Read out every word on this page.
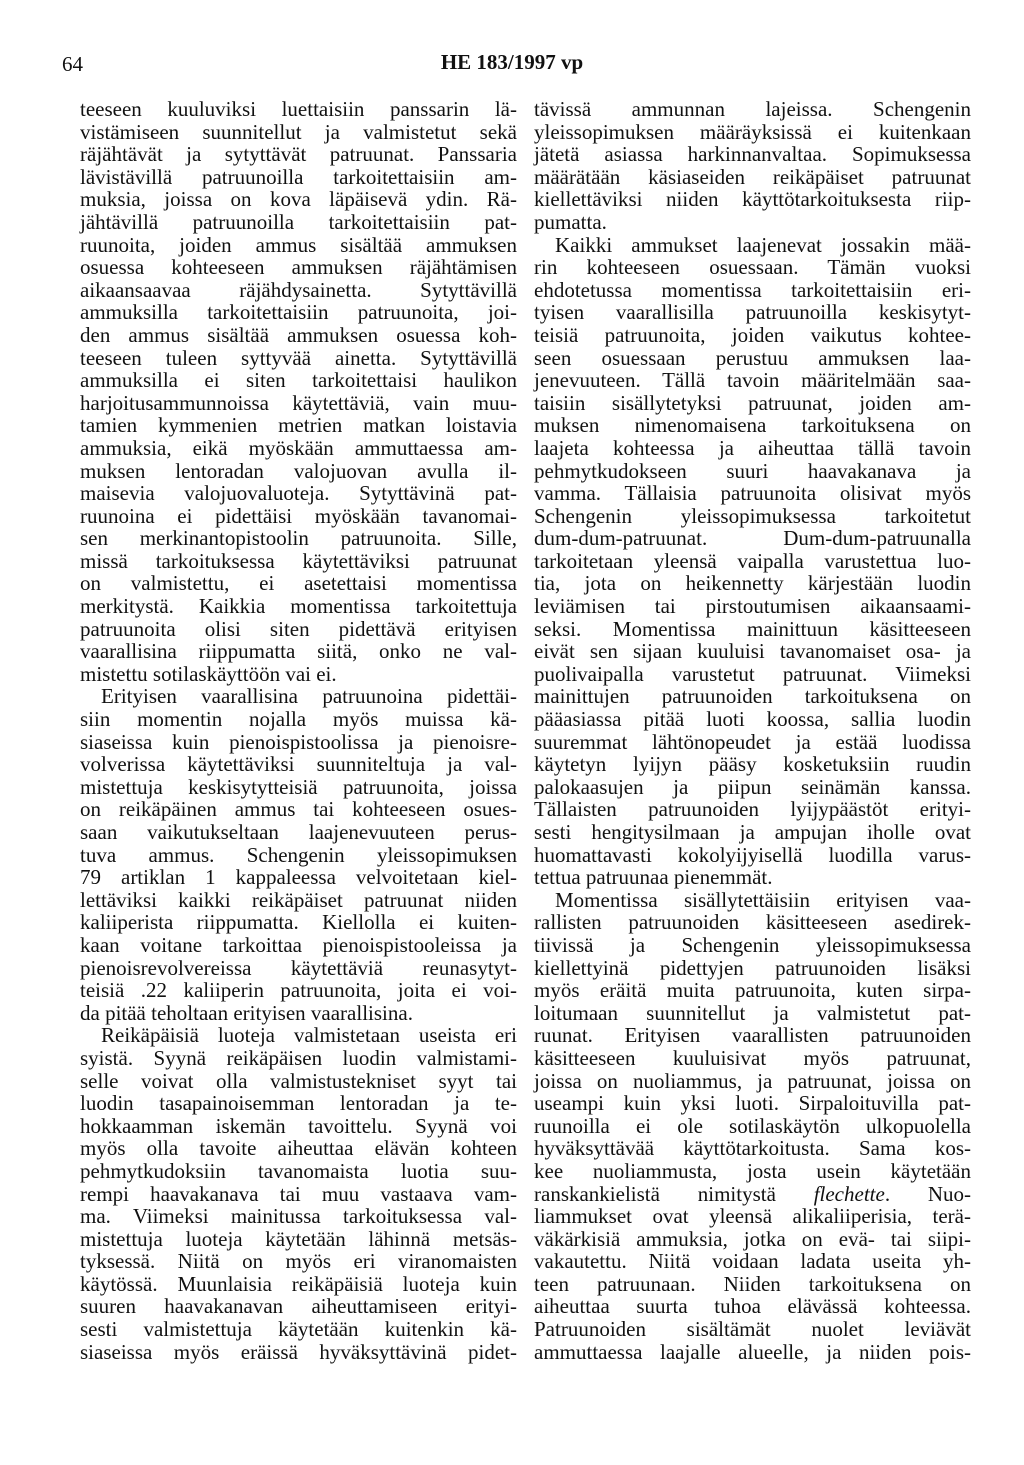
64	HE 183/1997 vp
teeseen kuuluviksi luettaisiin panssarin lä-
vistämiseen suunnitellut ja valmistetut sekä
räjähtävät ja sytyttävät patruunat. Panssaria
lävistävillä patruunoilla tarkoitettaisiin am-
muksia, joissa on kova läpäisevä ydin. Rä-
jähtävillä patruunoilla tarkoitettaisiin pat-
ruunoita, joiden ammus sisältää ammuksen
osuessa kohteeseen ammuksen räjähtämisen
aikaansaavaa räjähdysainetta. Sytyttävillä
ammuksilla tarkoitettaisiin patruunoita, joi-
den ammus sisältää ammuksen osuessa koh-
teeseen tuleen syttyvää ainetta. Sytyttävillä
ammuksilla ei siten tarkoitettaisi haulikon
harjoitusammunnoissa käytettäviä, vain muu-
tamien kymmenien metrien matkan loistavia
ammuksia, eikä myöskään ammuttaessa am-
muksen lentoradan valojuovan avulla il-
maisevia valojuovaluoteja. Sytyttävinä pat-
ruunoina ei pidettäisi myöskään tavanomai-
sen merkinantopistoolin patruunoita. Sille,
missä tarkoituksessa käytettäviksi patruunat
on valmistettu, ei asetettaisi momentissa
merkitystä. Kaikkia momentissa tarkoitettuja
patruunoita olisi siten pidettävä erityisen
vaarallisina riippumatta siitä, onko ne val-
mistettu sotilaskäyttöön vai ei.
Erityisen vaarallisina patruunoina pidettäi-
siin momentin nojalla myös muissa kä-
siaseissa kuin pienoispistoolissa ja pienoisre-
volverissa käytettäviksi suunniteltuja ja val-
mistettuja keskisytytteisiä patruunoita, joissa
on reikäpäinen ammus tai kohteeseen osues-
saan vaikutukseltaan laajenevuuteen perus-
tuva ammus. Schengenin yleissopimuksen
79 artiklan 1 kappaleessa velvoitetaan kiel-
lettäviksi kaikki reikäpäiset patruunat niiden
kaliiperista riippumatta. Kiellolla ei kuiten-
kaan voitane tarkoittaa pienoispistooleissa ja
pienoisrevolvereissa käytettäviä reunasytyt-
teisiä .22 kaliiperin patruunoita, joita ei voi-
da pitää teholtaan erityisen vaarallisina.
Reikäpäisiä luoteja valmistetaan useista eri
syistä. Syynä reikäpäisen luodin valmistami-
selle voivat olla valmistustekniset syyt tai
luodin tasapainoisemman lentoradan ja te-
hokkaamman iskemän tavoittelu. Syynä voi
myös olla tavoite aiheuttaa elävän kohteen
pehmytkudoksiin tavanomaista luotia suu-
rempi haavakanava tai muu vastaava vam-
ma. Viimeksi mainitussa tarkoituksessa val-
mistettuja luoteja käytetään lähinnä metsäs-
tyksessä. Niitä on myös eri viranomaisten
käytössä. Muunlaisia reikäpäisiä luoteja kuin
suuren haavakanavan aiheuttamiseen erityi-
sesti valmistettuja käytetään kuitenkin kä-
siaseissa myös eräissä hyväksyttävinä pidet-
tävissä ammunnan lajeissa. Schengenin
yleissopimuksen määräyksissä ei kuitenkaan
jätetä asiassa harkinnanvaltaa. Sopimuksessa
määrätään käsiaseiden reikäpäiset patruunat
kiellettäviksi niiden käyttötarkoituksesta riip-
pumatta.
Kaikki ammukset laajenevat jossakin mää-
rin kohteeseen osuessaan. Tämän vuoksi
ehdotetussa momentissa tarkoitettaisiin eri-
tyisen vaarallisilla patruunoilla keskisytyt-
teisiä patruunoita, joiden vaikutus kohtee-
seen osuessaan perustuu ammuksen laa-
jenevuuteen. Tällä tavoin määritelmään saa-
taisiin sisällytetyksi patruunat, joiden am-
muksen nimenomaisena tarkoituksena on
laajeta kohteessa ja aiheuttaa tällä tavoin
pehmytkudokseen suuri haavakanava ja
vamma. Tällaisia patruunoita olisivat myös
Schengenin yleissopimuksessa tarkoitetut
dum-dum-patruunat. Dum-dum-patruunalla
tarkoitetaan yleensä vaipalla varustettua luo-
tia, jota on heikennetty kärjestään luodin
leviämisen tai pirstoutumisen aikaansaami-
seksi. Momentissa mainittuun käsitteeseen
eivät sen sijaan kuuluisi tavanomaiset osa- ja
puolivaipalla varustetut patruunat. Viimeksi
mainittujen patruunoiden tarkoituksena on
pääasiassa pitää luoti koossa, sallia luodin
suuremmat lähtönopeudet ja estää luodissa
käytetyn lyijyn pääsy kosketuksiin ruudin
palokaasujen ja piipun seinämän kanssa.
Tällaisten patruunoiden lyijypäästöt erityi-
sesti hengitysilmaan ja ampujan iholle ovat
huomattavasti kokolyijyisellä luodilla varus-
tettua patruunaa pienemmät.
Momentissa sisällytettäisiin erityisen vaa-
rallisten patruunoiden käsitteeseen asedirek-
tiivissä ja Schengenin yleissopimuksessa
kiellettyinä pidettyjen patruunoiden lisäksi
myös eräitä muita patruunoita, kuten sirpa-
loitumaan suunnitellut ja valmistetut pat-
ruunat. Erityisen vaarallisten patruunoiden
käsitteeseen kuuluisivat myös patruunat,
joissa on nuoliammus, ja patruunat, joissa on
useampi kuin yksi luoti. Sirpaloituvilla pat-
ruunoilla ei ole sotilaskäytön ulkopuolella
hyväksyttävää käyttötarkoitusta. Sama kos-
kee nuoliammusta, josta usein käytetään
ranskankielistä nimitystä flechette. Nuo-
liammukset ovat yleensä alikaliiperisia, terä-
väkärkisiä ammuksia, jotka on evä- tai siipi-
vakautettu. Niitä voidaan ladata useita yh-
teen patruunaan. Niiden tarkoituksena on
aiheuttaa suurta tuhoa elävässä kohteessa.
Patruunoiden sisältämät nuolet leviävät
ammuttaessa laajalle alueelle, ja niiden pois-
